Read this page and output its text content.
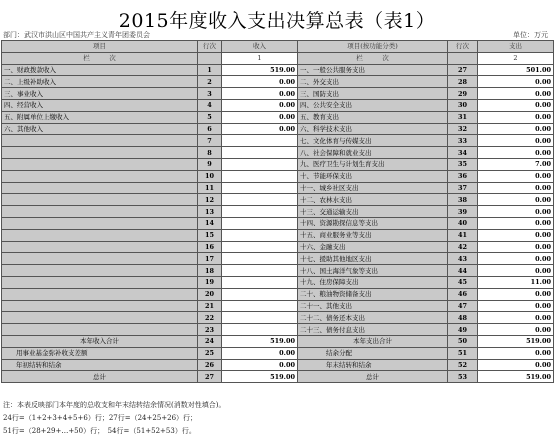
2015年度收入支出决算总表（表1）
部门：武汉市洪山区中国共产主义青年团委员会	单位：万元
项目	行次	收入	项目(按功能分类)	行次	支出
栏　　　次		1	栏　　　次		2
一、财政拨款收入	1	519.00	一、一般公共服务支出	27	501.00
二、上级补助收入	2	0.00	二、外交支出	28	0.00
三、事业收入	3	0.00	三、国防支出	29	0.00
四、经营收入	4	0.00	四、公共安全支出	30	0.00
五、附属单位上缴收入	5	0.00	五、教育支出	31	0.00
六、其他收入	6	0.00	六、科学技术支出	32	0.00
	7		七、文化体育与传媒支出	33	0.00
	8		八、社会保障和就业支出	34	0.00
	9		九、医疗卫生与计划生育支出	35	7.00
	10		十、节能环保支出	36	0.00
	11		十一、城乡社区支出	37	0.00
	12		十二、农林水支出	38	0.00
	13		十三、交通运输支出	39	0.00
	14		十四、资源勘探信息等支出	40	0.00
	15		十五、商业服务业等支出	41	0.00
	16		十六、金融支出	42	0.00
	17		十七、援助其他地区支出	43	0.00
	18		十八、国土海洋气象等支出	44	0.00
	19		十九、住房保障支出	45	11.00
	20		二十、粮油物资储备支出	46	0.00
	21		二十一、其他支出	47	0.00
	22		二十二、债务还本支出	48	0.00
	23		二十三、债务付息支出	49	0.00
本年收入合计	24	519.00	本年支出合计	50	519.00
用事业基金弥补收支差额	25	0.00	结余分配	51	0.00
年初结转和结余	26	0.00	年末结转和结余	52	0.00
总计	27	519.00	总计	53	519.00
注：本表反映部门本年度的总收支和年末结转结余情况(消数对性填合)。
24行=（1+2+3+4+5+6）行；27行=（24+25+26）行；
51行=（28+29+…+50）行；　54行=（51+52+53）行。
